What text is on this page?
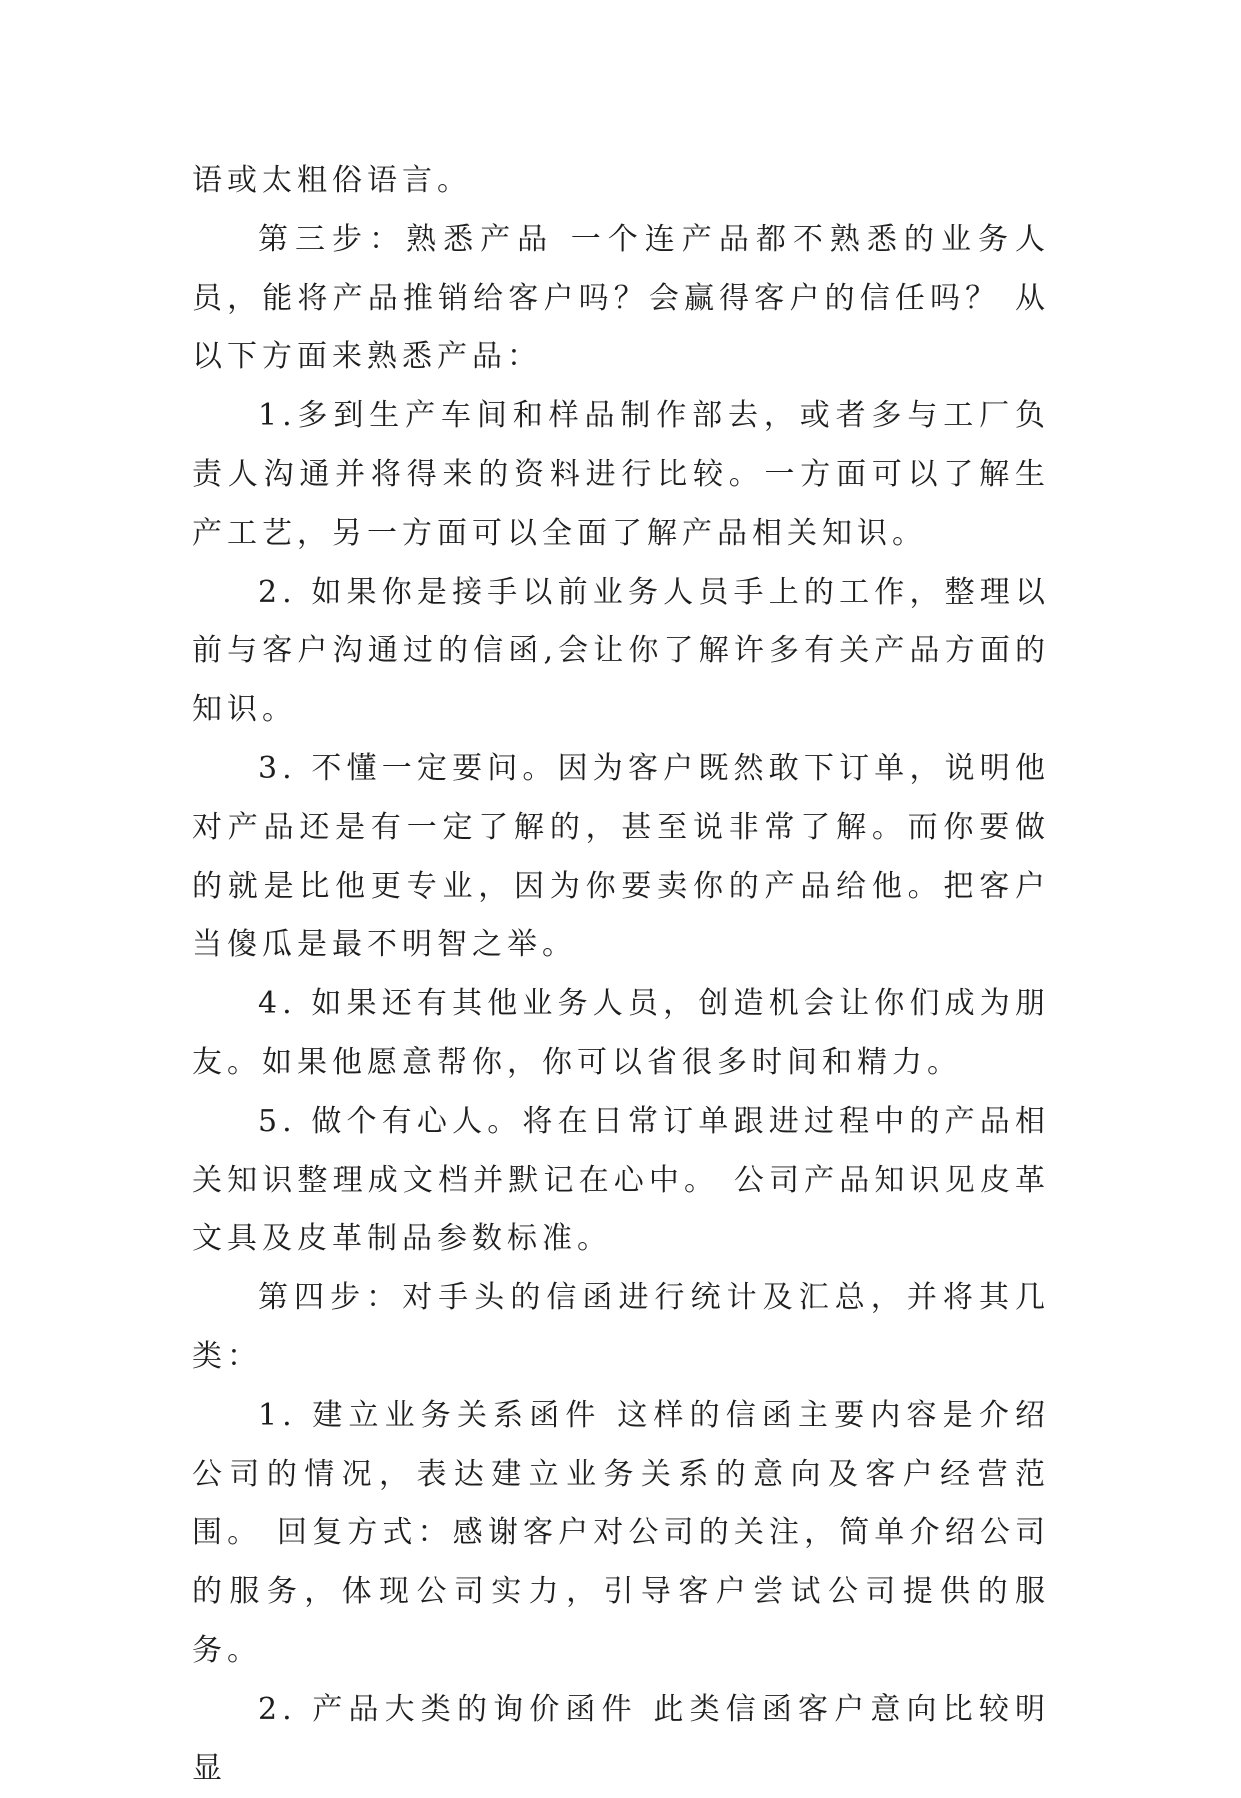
语或太粗俗语言。

第三步：熟悉产品 一个连产品都不熟悉的业务人员，能将产品推销给客户吗？会赢得客户的信任吗？ 从以下方面来熟悉产品：

1.多到生产车间和样品制作部去，或者多与工厂负责人沟通并将得来的资料进行比较。一方面可以了解生产工艺，另一方面可以全面了解产品相关知识。

2. 如果你是接手以前业务人员手上的工作，整理以前与客户沟通过的信函,会让你了解许多有关产品方面的知识。

3. 不懂一定要问。因为客户既然敢下订单，说明他对产品还是有一定了解的，甚至说非常了解。而你要做的就是比他更专业，因为你要卖你的产品给他。把客户当傻瓜是最不明智之举。

4. 如果还有其他业务人员，创造机会让你们成为朋友。如果他愿意帮你，你可以省很多时间和精力。

5. 做个有心人。将在日常订单跟进过程中的产品相关知识整理成文档并默记在心中。 公司产品知识见皮革文具及皮革制品参数标准。

第四步：对手头的信函进行统计及汇总，并将其几类：

1. 建立业务关系函件 这样的信函主要内容是介绍公司的情况，表达建立业务关系的意向及客户经营范围。 回复方式：感谢客户对公司的关注，简单介绍公司的服务，体现公司实力，引导客户尝试公司提供的服务。

2. 产品大类的询价函件 此类信函客户意向比较明显
